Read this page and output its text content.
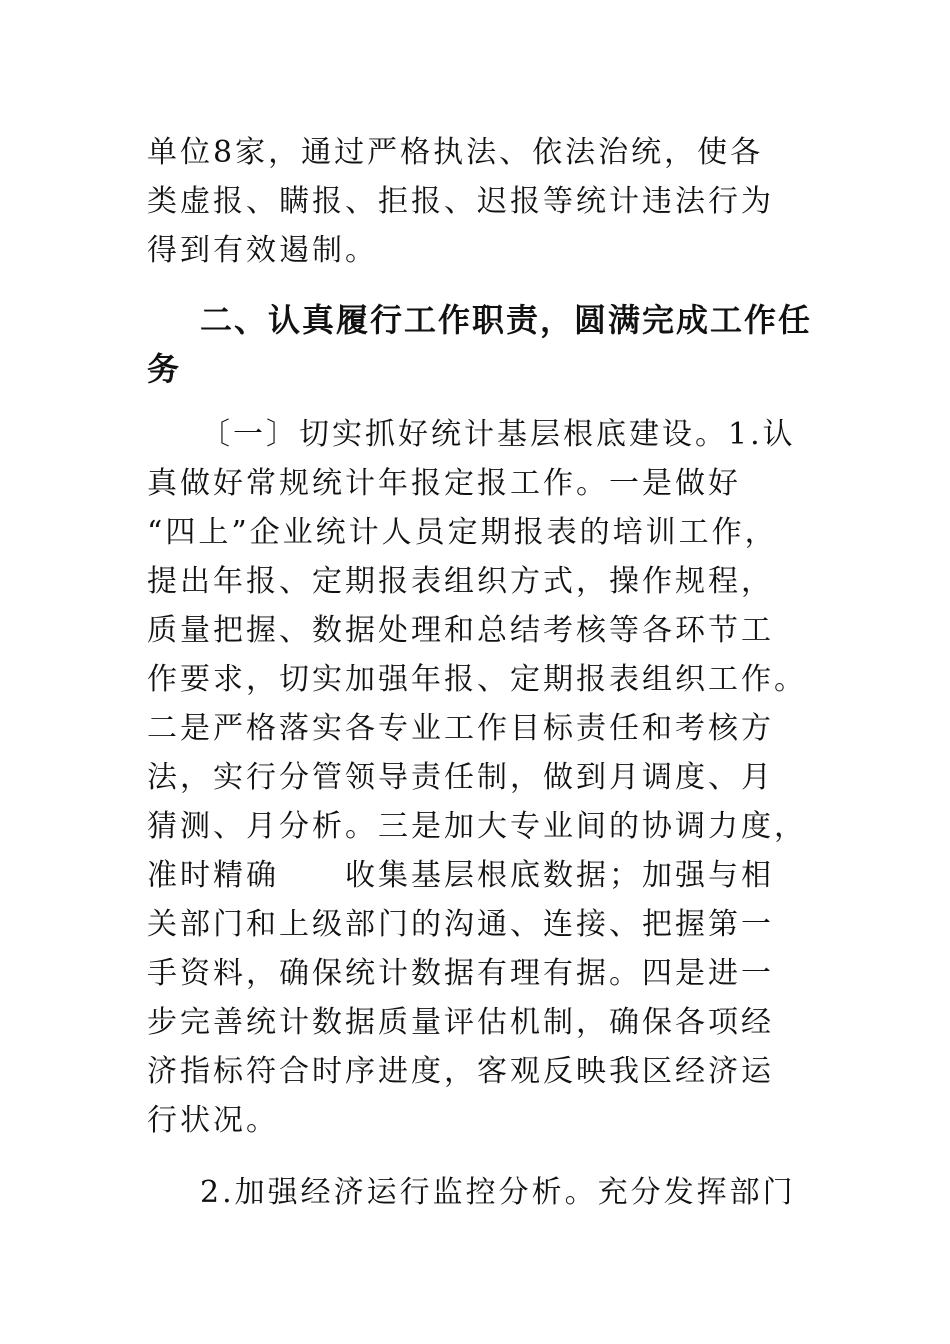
单位8家，通过严格执法、依法治统，使各
类虚报、瞒报、拒报、迟报等统计违法行为
得到有效遏制。
二、认真履行工作职责，圆满完成工作任
务
〔一〕切实抓好统计基层根底建设。1.认
真做好常规统计年报定报工作。一是做好
“四上”企业统计人员定期报表的培训工作，
提出年报、定期报表组织方式，操作规程，
质量把握、数据处理和总结考核等各环节工
作要求，切实加强年报、定期报表组织工作。
二是严格落实各专业工作目标责任和考核方
法，实行分管领导责任制，做到月调度、月
猜测、月分析。三是加大专业间的协调力度，
准时精确　　收集基层根底数据；加强与相
关部门和上级部门的沟通、连接、把握第一
手资料，确保统计数据有理有据。四是进一
步完善统计数据质量评估机制，确保各项经
济指标符合时序进度，客观反映我区经济运
行状况。
2.加强经济运行监控分析。充分发挥部门
